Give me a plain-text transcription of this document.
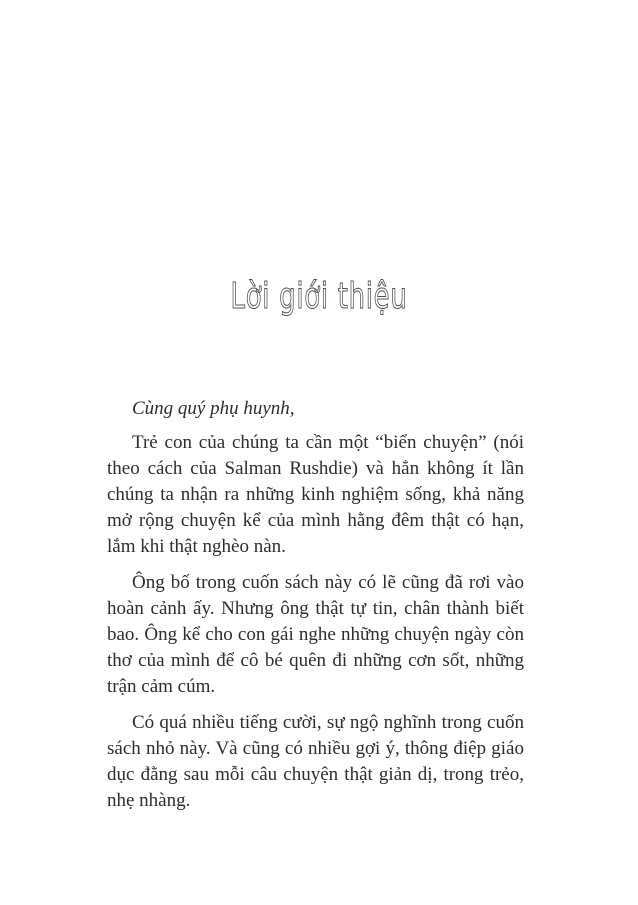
Lời giới thiệu

Cùng quý phụ huynh,

Trẻ con của chúng ta cần một “biển chuyện” (nói theo cách của Salman Rushdie) và hẳn không ít lần chúng ta nhận ra những kinh nghiệm sống, khả năng mở rộng chuyện kể của mình hằng đêm thật có hạn, lắm khi thật nghèo nàn.

Ông bố trong cuốn sách này có lẽ cũng đã rơi vào hoàn cảnh ấy. Nhưng ông thật tự tin, chân thành biết bao. Ông kể cho con gái nghe những chuyện ngày còn thơ của mình để cô bé quên đi những cơn sốt, những trận cảm cúm.

Có quá nhiều tiếng cười, sự ngộ nghĩnh trong cuốn sách nhỏ này. Và cũng có nhiều gợi ý, thông điệp giáo dục đằng sau mỗi câu chuyện thật giản dị, trong trẻo, nhẹ nhàng.
